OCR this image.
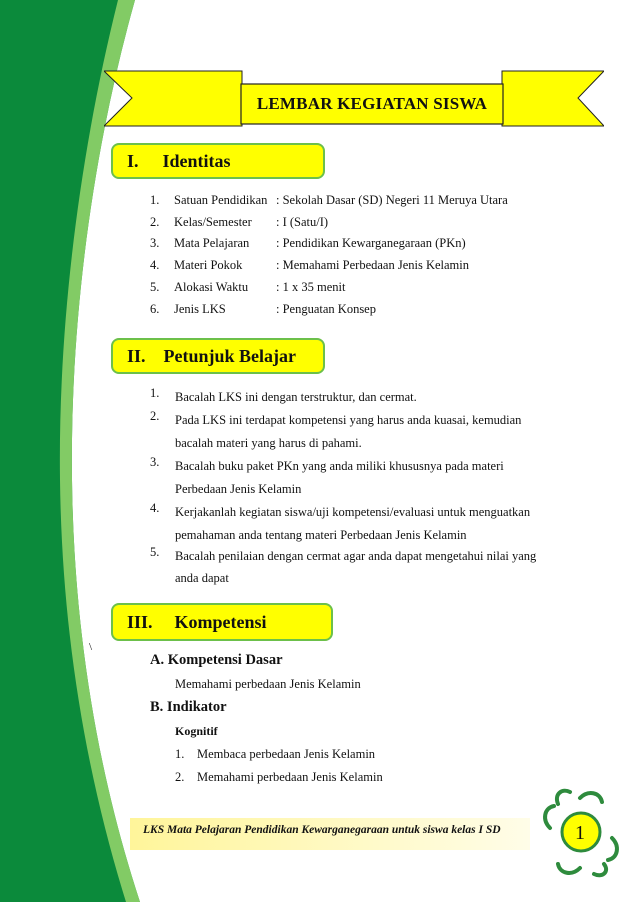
LEMBAR KEGIATAN SISWA
I. Identitas
1.	Satuan Pendidikan : Sekolah Dasar (SD) Negeri 11 Meruya Utara
2.	Kelas/Semester	: I (Satu/I)
3.	Mata Pelajaran	: Pendidikan Kewarganegaraan (PKn)
4.	Materi Pokok	: Memahami Perbedaan Jenis Kelamin
5.	Alokasi Waktu	: 1 x 35 menit
6.	Jenis LKS	: Penguatan Konsep
II. Petunjuk Belajar
1.	Bacalah LKS ini dengan terstruktur, dan cermat.
2.	Pada LKS ini terdapat kompetensi yang harus anda kuasai, kemudian
bacalah materi yang harus di pahami.
3.	Bacalah buku paket PKn yang anda miliki khususnya pada materi
Perbedaan Jenis Kelamin
4.	Kerjakanlah kegiatan siswa/uji kompetensi/evaluasi untuk menguatkan
pemahaman anda tentang materi Perbedaan Jenis Kelamin
5.	Bacalah penilaian dengan cermat agar anda dapat mengetahui nilai yang
anda dapat
III. Kompetensi
\
A. Kompetensi Dasar
Memahami perbedaan Jenis Kelamin
B. Indikator
Kognitif
1. Membaca perbedaan Jenis Kelamin
2. Memahami perbedaan Jenis Kelamin
LKS Mata Pelajaran Pendidikan Kewarganegaraan untuk siswa kelas I SD	1
